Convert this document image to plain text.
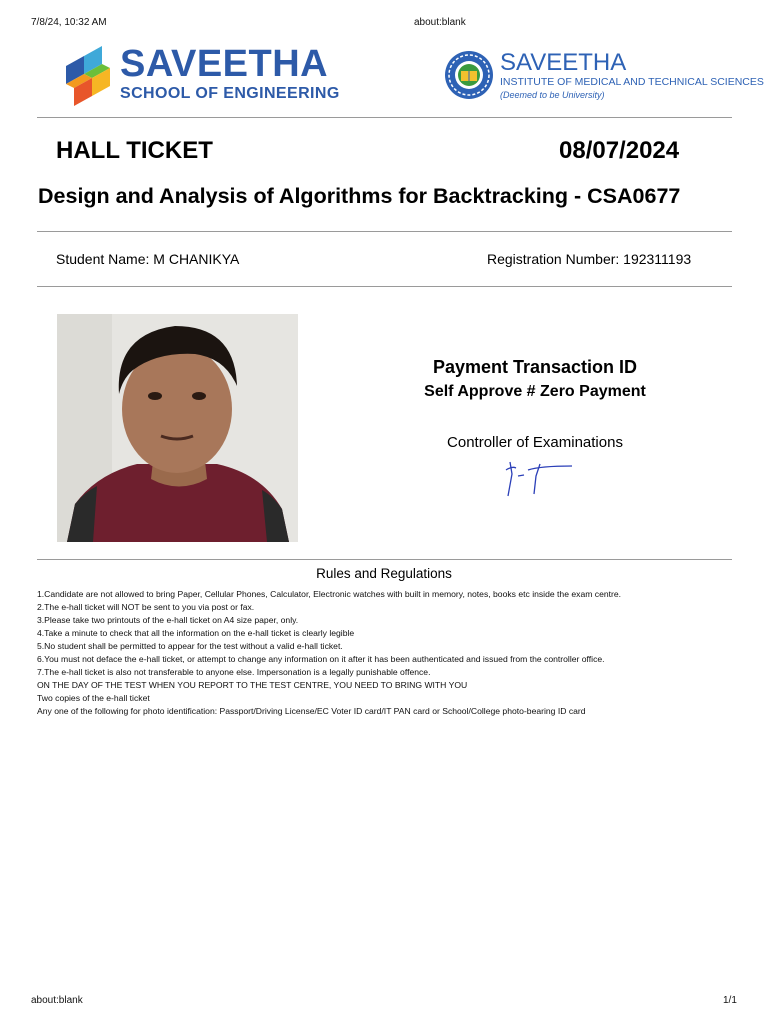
7/8/24, 10:32 AM	about:blank
SAVEETHA
SCHOOL OF ENGINEERING
SAVEETHA
INSTITUTE OF MEDICAL AND TECHNICAL SCIENCES
(Deemed to be University)
HALL TICKET	08/07/2024
Design and Analysis of Algorithms for Backtracking - CSA0677
Student Name: M CHANIKYA	Registration Number: 192311193
Payment Transaction ID
Self Approve # Zero Payment
Controller of Examinations
Rules and Regulations
1.Candidate are not allowed to bring Paper, Cellular Phones, Calculator, Electronic watches with built in memory, notes, books etc inside the exam centre.
2.The e-hall ticket will NOT be sent to you via post or fax.
3.Please take two printouts of the e-hall ticket on A4 size paper, only.
4.Take a minute to check that all the information on the e-hall ticket is clearly legible
5.No student shall be permitted to appear for the test without a valid e-hall ticket.
6.You must not deface the e-hall ticket, or attempt to change any information on it after it has been authenticated and issued from the controller office.
7.The e-hall ticket is also not transferable to anyone else. Impersonation is a legally punishable offence.
ON THE DAY OF THE TEST WHEN YOU REPORT TO THE TEST CENTRE, YOU NEED TO BRING WITH YOU
Two copies of the e-hall ticket
Any one of the following for photo identification: Passport/Driving License/EC Voter ID card/IT PAN card or School/College photo-bearing ID card
about:blank	1/1
